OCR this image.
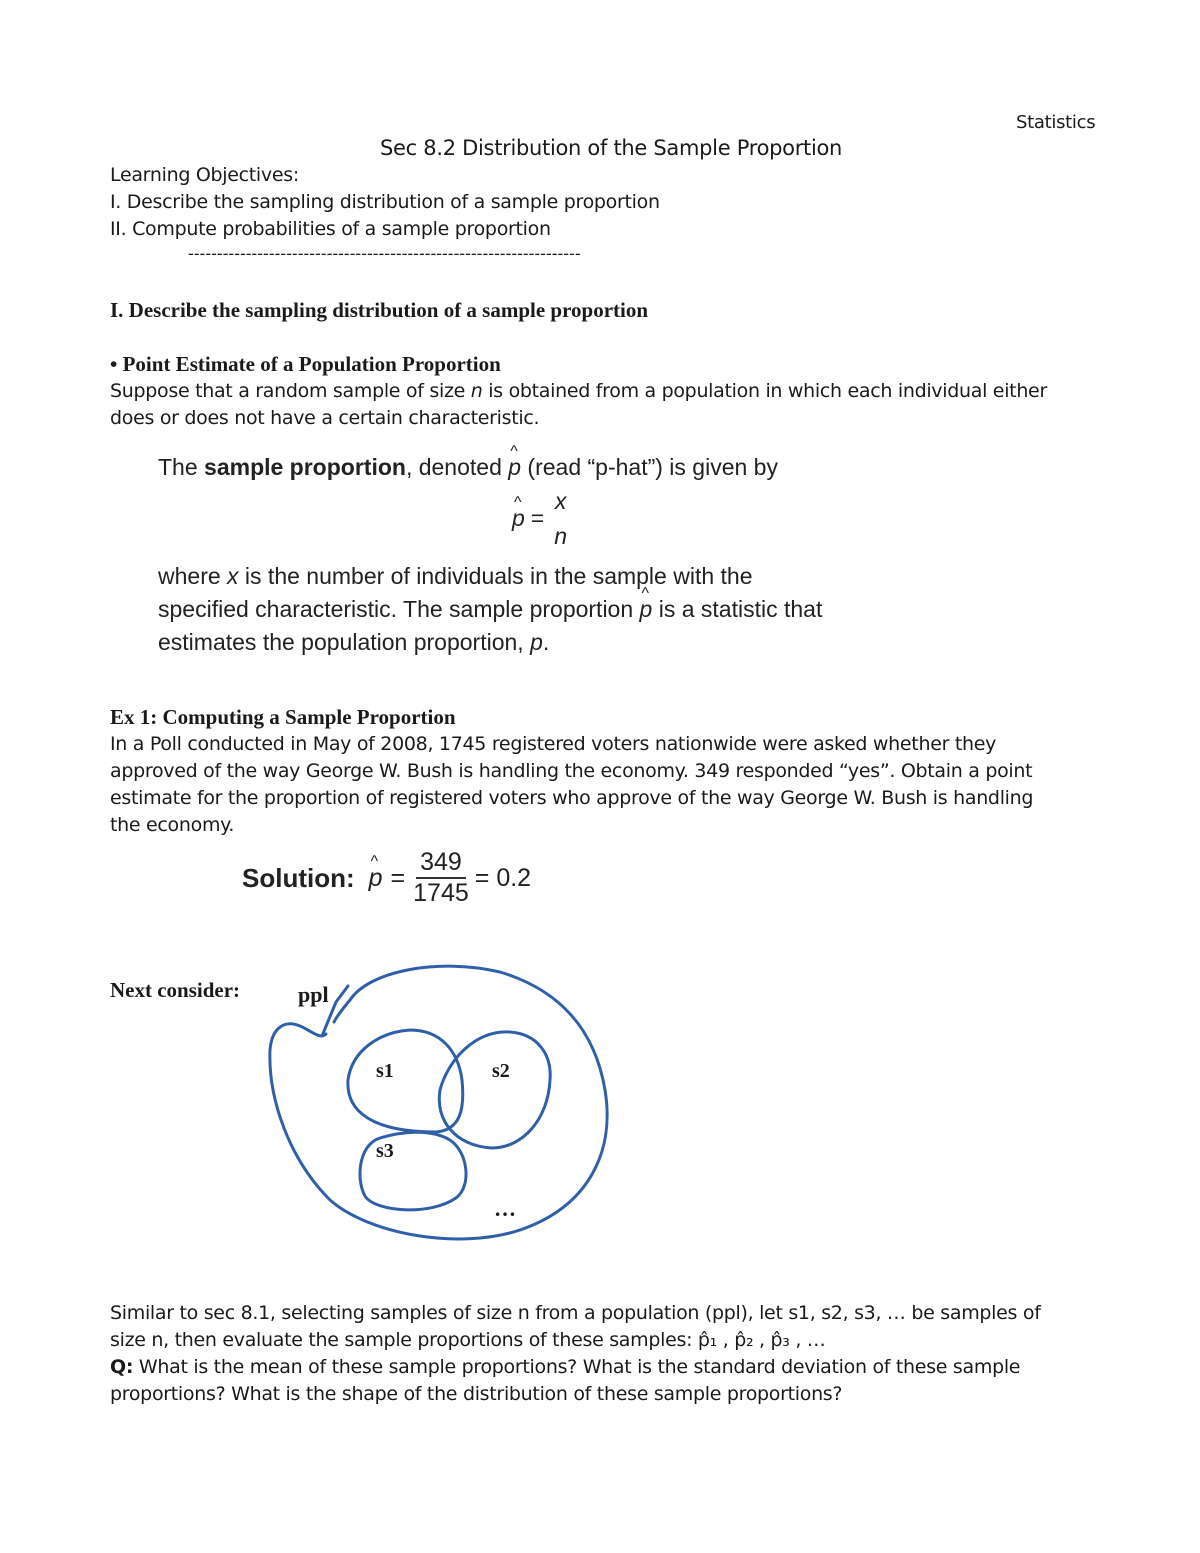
Statistics
Sec 8.2 Distribution of the Sample Proportion
Learning Objectives:
I. Describe the sampling distribution of a sample proportion
II. Compute probabilities of a sample proportion
--------------------------------------------------------------------
I. Describe the sampling distribution of a sample proportion
• Point Estimate of a Population Proportion
Suppose that a random sample of size n is obtained from a population in which each individual either
does or does not have a certain characteristic.
The sample proportion, denoted ^ p (read “p-hat”) is given by
^ p =
x
n
where x is the number of individuals in the sample with the
specified characteristic. The sample proportion ^ p is a statistic that
estimates the population proportion, p.
Ex 1: Computing a Sample Proportion
In a Poll conducted in May of 2008, 1745 registered voters nationwide were asked whether they
approved of the way George W. Bush is handling the economy. 349 responded “yes”. Obtain a point
estimate for the proportion of registered voters who approve of the way George W. Bush is handling
the economy.
Solution:
^ $p = \frac{349}{1745} = 0.2$
Next consider:	ppl
s1	s2
s3
…
Similar to sec 8.1, selecting samples of size n from a population (ppl), let s1, s2, s3, … be samples of
size n, then evaluate the sample proportions of these samples: p̂₁ , p̂₂ , p̂₃ , …
Q: What is the mean of these sample proportions? What is the standard deviation of these sample
proportions? What is the shape of the distribution of these sample proportions?
